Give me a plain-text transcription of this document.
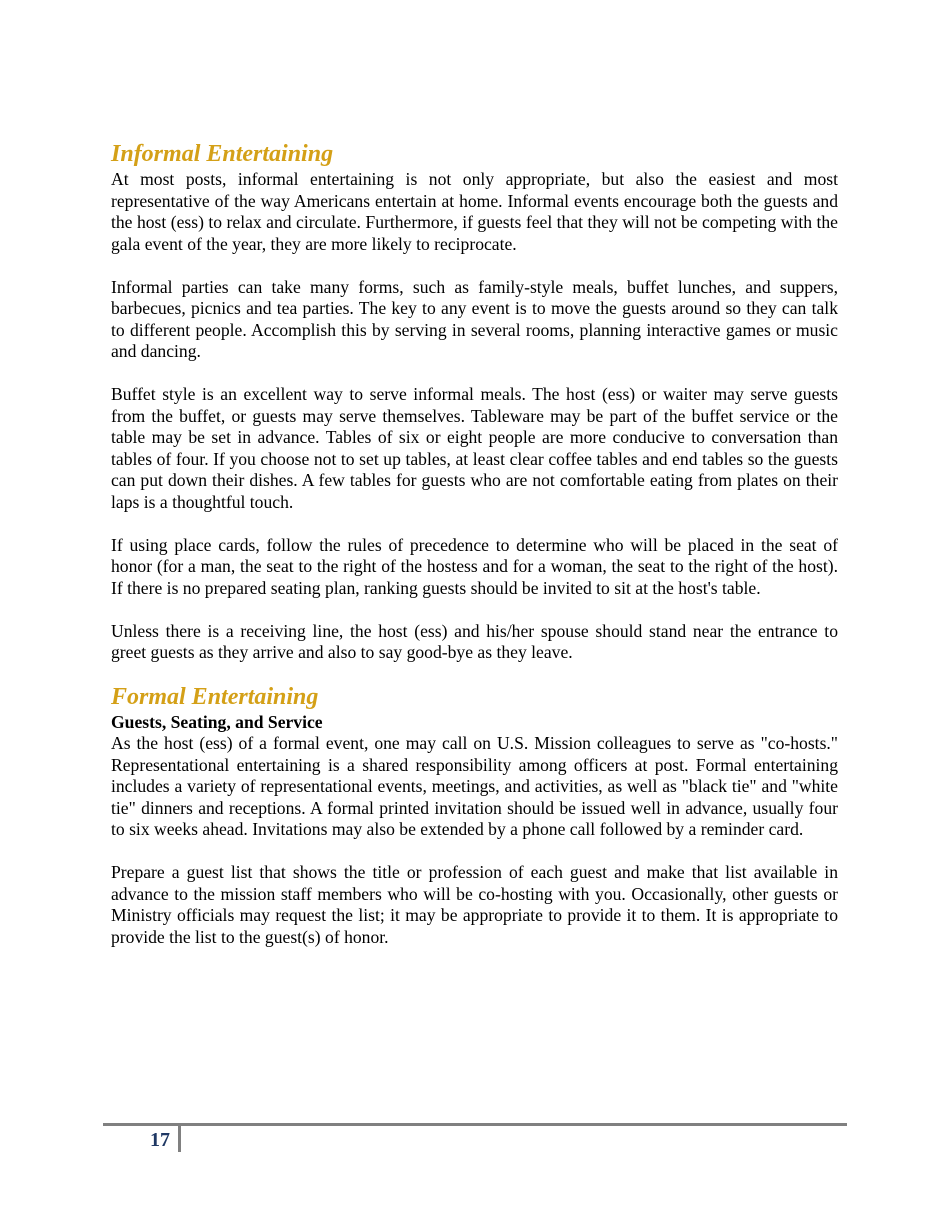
Informal Entertaining

At most posts, informal entertaining is not only appropriate, but also the easiest and most representative of the way Americans entertain at home. Informal events encourage both the guests and the host (ess) to relax and circulate. Furthermore, if guests feel that they will not be competing with the gala event of the year, they are more likely to reciprocate.

Informal parties can take many forms, such as family-style meals, buffet lunches, and suppers, barbecues, picnics and tea parties. The key to any event is to move the guests around so they can talk to different people. Accomplish this by serving in several rooms, planning interactive games or music and dancing.

Buffet style is an excellent way to serve informal meals. The host (ess) or waiter may serve guests from the buffet, or guests may serve themselves. Tableware may be part of the buffet service or the table may be set in advance. Tables of six or eight people are more conducive to conversation than tables of four. If you choose not to set up tables, at least clear coffee tables and end tables so the guests can put down their dishes. A few tables for guests who are not comfortable eating from plates on their laps is a thoughtful touch.

If using place cards, follow the rules of precedence to determine who will be placed in the seat of honor (for a man, the seat to the right of the hostess and for a woman, the seat to the right of the host). If there is no prepared seating plan, ranking guests should be invited to sit at the host's table.

Unless there is a receiving line, the host (ess) and his/her spouse should stand near the entrance to greet guests as they arrive and also to say good-bye as they leave.

Formal Entertaining
Guests, Seating, and Service

As the host (ess) of a formal event, one may call on U.S. Mission colleagues to serve as "co-hosts." Representational entertaining is a shared responsibility among officers at post. Formal entertaining includes a variety of representational events, meetings, and activities, as well as "black tie" and "white tie" dinners and receptions. A formal printed invitation should be issued well in advance, usually four to six weeks ahead. Invitations may also be extended by a phone call followed by a reminder card.

Prepare a guest list that shows the title or profession of each guest and make that list available in advance to the mission staff members who will be co-hosting with you. Occasionally, other guests or Ministry officials may request the list; it may be appropriate to provide it to them. It is appropriate to provide the list to the guest(s) of honor.

17
